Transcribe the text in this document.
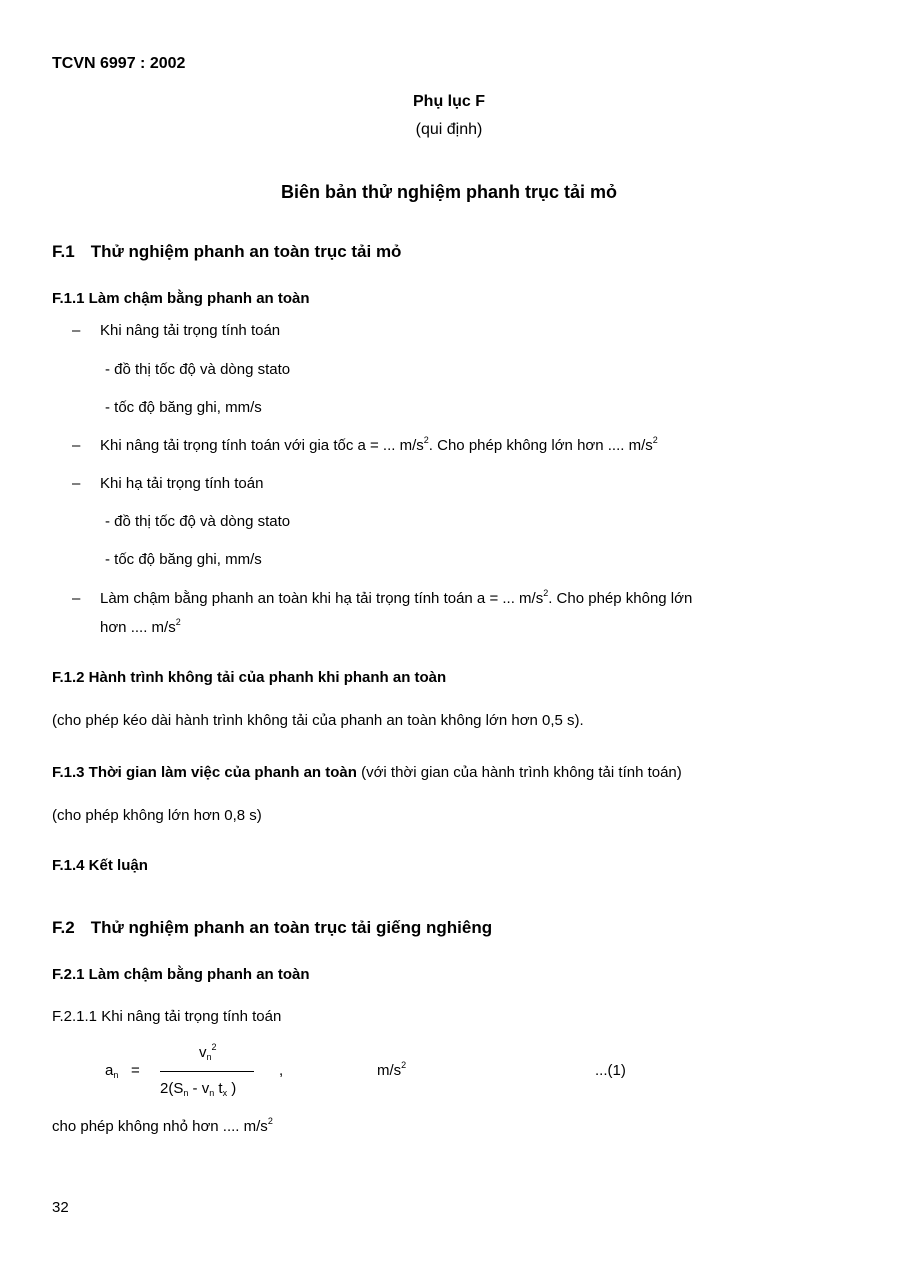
TCVN 6997 : 2002
Phụ lục F
(qui định)
Biên bản thử nghiệm phanh trục tải mỏ
F.1 Thử nghiệm phanh an toàn trục tải mỏ
F.1.1 Làm chậm bằng phanh an toàn
– Khi nâng tải trọng tính toán
- đồ thị tốc độ và dòng stato
- tốc độ băng ghi, mm/s
– Khi nâng tải trọng tính toán với gia tốc a = ... $m/s^2$. Cho phép không lớn hơn .... $m/s^2$
– Khi hạ tải trọng tính toán
- đồ thị tốc độ và dòng stato
- tốc độ băng ghi, mm/s
– Làm chậm bằng phanh an toàn khi hạ tải trọng tính toán a = ... $m/s^2$. Cho phép không lớn
hơn .... $m/s^2$
F.1.2 Hành trình không tải của phanh khi phanh an toàn
(cho phép kéo dài hành trình không tải của phanh an toàn không lớn hơn 0,5 s).
F.1.3 Thời gian làm việc của phanh an toàn (với thời gian của hành trình không tải tính toán)
(cho phép không lớn hơn 0,8 s)
F.1.4 Kết luận
F.2 Thử nghiệm phanh an toàn trục tải giếng nghiêng
F.2.1 Làm chậm bằng phanh an toàn
F.2.1.1 Khi nâng tải trọng tính toán
$a_n$ =
$v_n^2$
$2(S_n - v_n$ $t_x$ )
,	$m/s^2$	...(1)
cho phép không nhỏ hơn .... $m/s^2$
32
